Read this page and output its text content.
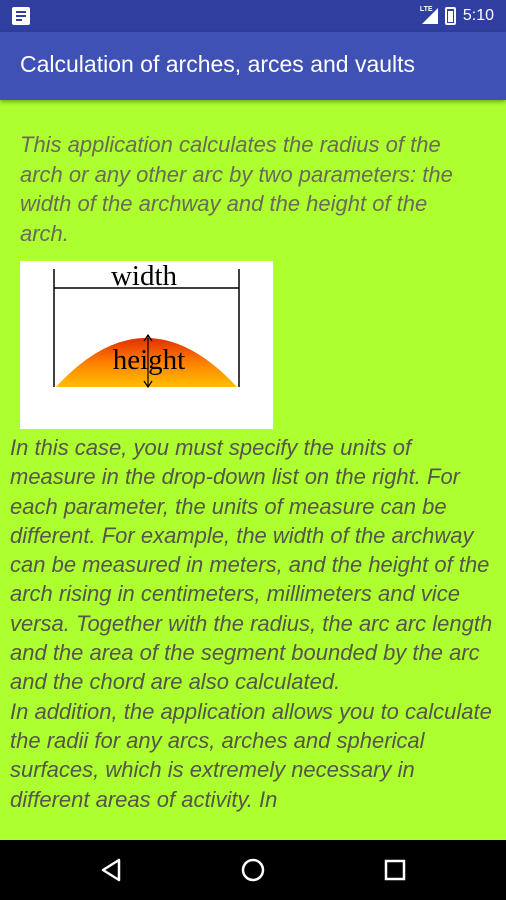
LTE 5:10
Calculation of arches, arces and vaults

This application calculates the radius of the arch or any other arc by two parameters: the width of the archway and the height of the arch.

width
height

In this case, you must specify the units of measure in the drop-down list on the right. For each parameter, the units of measure can be different. For example, the width of the archway can be measured in meters, and the height of the arch rising in centimeters, millimeters and vice versa. Together with the radius, the arc arc length and the area of the segment bounded by the arc and the chord are also calculated.
In addition, the application allows you to calculate the radii for any arcs, arches and spherical surfaces, which is extremely necessary in different areas of activity. In
